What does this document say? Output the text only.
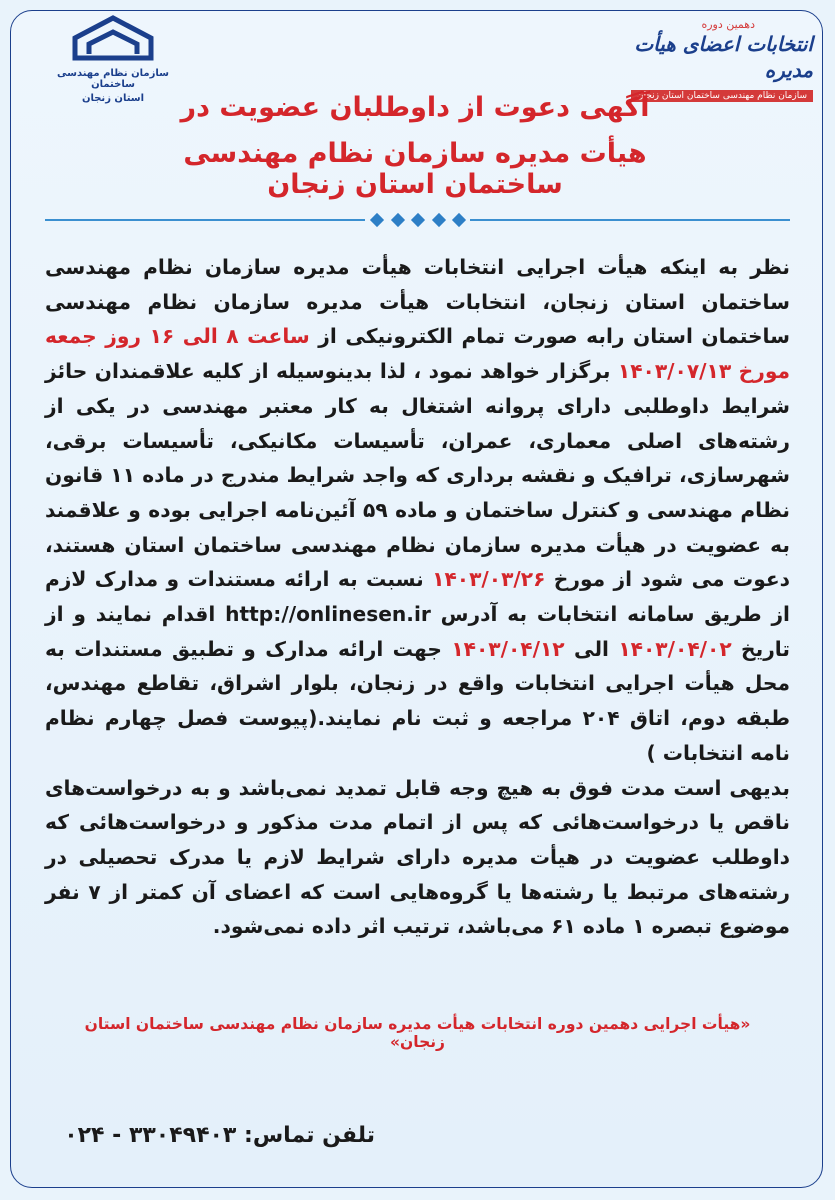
دهمین دوره
انتخابات اعضای هیأت مدیره
سازمان نظام مهندسی ساختمان استان زنجان
سازمان نظام مهندسی ساختمان
استان زنجان	آگهی دعوت از داوطلبان عضویت در
هیأت مدیره سازمان نظام مهندسی ساختمان استان زنجان

نظر به اینکه هیأت اجرایی انتخابات هیأت مدیره سازمان نظام مهندسی ساختمان استان زنجان، انتخابات هیأت مدیره سازمان نظام مهندسی ساختمان استان رابه صورت تمام الکترونیکی از ساعت ۸ الی ۱۶ روز جمعه مورخ ۱۴۰۳/۰۷/۱۳ برگزار خواهد نمود ، لذا بدینوسیله از کلیه علاقمندان حائز شرایط داوطلبی دارای پروانه اشتغال به کار معتبر مهندسی در یکی از رشته‌های اصلی معماری، عمران، تأسیسات مکانیکی، تأسیسات برقی، شهرسازی، ترافیک و نقشه برداری که واجد شرایط مندرج در ماده ۱۱ قانون نظام مهندسی و کنترل ساختمان و ماده ۵۹ آئین‌نامه اجرایی بوده و علاقمند به عضویت در هیأت مدیره سازمان نظام مهندسی ساختمان استان هستند، دعوت می شود از مورخ ۱۴۰۳/۰۳/۲۶ نسبت به ارائه مستندات و مدارک لازم از طریق سامانه انتخابات به آدرس http://onlinesen.ir اقدام نمایند و از تاریخ ۱۴۰۳/۰۴/۰۲ الی ۱۴۰۳/۰۴/۱۲ جهت ارائه مدارک و تطبیق مستندات به محل هیأت اجرایی انتخابات واقع در زنجان، بلوار اشراق، تقاطع مهندس، طبقه دوم، اتاق ۲۰۴ مراجعه و ثبت نام نمایند.(پیوست فصل چهارم نظام نامه انتخابات )

بدیهی است مدت فوق به هیچ وجه قابل تمدید نمی‌باشد و به درخواست‌های ناقص یا درخواست‌هائی که پس از اتمام مدت مذکور و درخواست‌هائی که داوطلب عضویت در هیأت مدیره دارای شرایط لازم یا مدرک تحصیلی در رشته‌های مرتبط یا رشته‌ها یا گروه‌هایی است که اعضای آن کمتر از ۷ نفر موضوع تبصره ۱ ماده ۶۱ می‌باشد، ترتیب اثر داده نمی‌شود.

«هیأت اجرایی دهمین دوره انتخابات هیأت مدیره سازمان نظام مهندسی ساختمان استان زنجان»
تلفن تماس: ۳۳۰۴۹۴۰۳ - ۰۲۴
